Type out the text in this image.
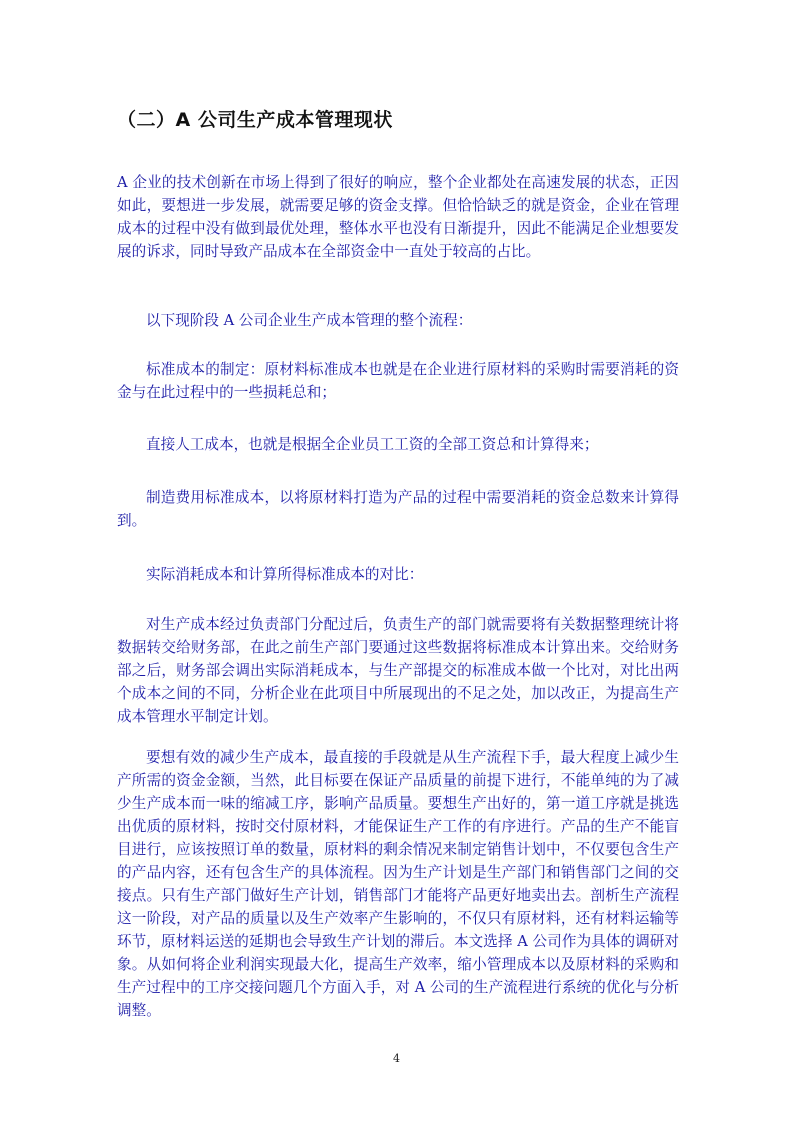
（二）A 公司生产成本管理现状

A 企业的技术创新在市场上得到了很好的响应，整个企业都处在高速发展的状态，正因如此，要想进一步发展，就需要足够的资金支撑。但恰恰缺乏的就是资金，企业在管理成本的过程中没有做到最优处理，整体水平也没有日渐提升，因此不能满足企业想要发展的诉求，同时导致产品成本在全部资金中一直处于较高的占比。

以下现阶段 A 公司企业生产成本管理的整个流程：

标准成本的制定：原材料标准成本也就是在企业进行原材料的采购时需要消耗的资金与在此过程中的一些损耗总和；

直接人工成本，也就是根据全企业员工工资的全部工资总和计算得来；

制造费用标准成本，以将原材料打造为产品的过程中需要消耗的资金总数来计算得到。

实际消耗成本和计算所得标准成本的对比：

对生产成本经过负责部门分配过后，负责生产的部门就需要将有关数据整理统计将数据转交给财务部，在此之前生产部门要通过这些数据将标准成本计算出来。交给财务部之后，财务部会调出实际消耗成本，与生产部提交的标准成本做一个比对，对比出两个成本之间的不同，分析企业在此项目中所展现出的不足之处，加以改正，为提高生产成本管理水平制定计划。

要想有效的减少生产成本，最直接的手段就是从生产流程下手，最大程度上减少生产所需的资金金额，当然，此目标要在保证产品质量的前提下进行，不能单纯的为了减少生产成本而一味的缩减工序，影响产品质量。要想生产出好的，第一道工序就是挑选出优质的原材料，按时交付原材料，才能保证生产工作的有序进行。产品的生产不能盲目进行，应该按照订单的数量，原材料的剩余情况来制定销售计划中，不仅要包含生产的产品内容，还有包含生产的具体流程。因为生产计划是生产部门和销售部门之间的交接点。只有生产部门做好生产计划，销售部门才能将产品更好地卖出去。剖析生产流程这一阶段，对产品的质量以及生产效率产生影响的，不仅只有原材料，还有材料运输等环节，原材料运送的延期也会导致生产计划的滞后。本文选择 A 公司作为具体的调研对象。从如何将企业利润实现最大化，提高生产效率，缩小管理成本以及原材料的采购和生产过程中的工序交接问题几个方面入手，对 A 公司的生产流程进行系统的优化与分析调整。

4
